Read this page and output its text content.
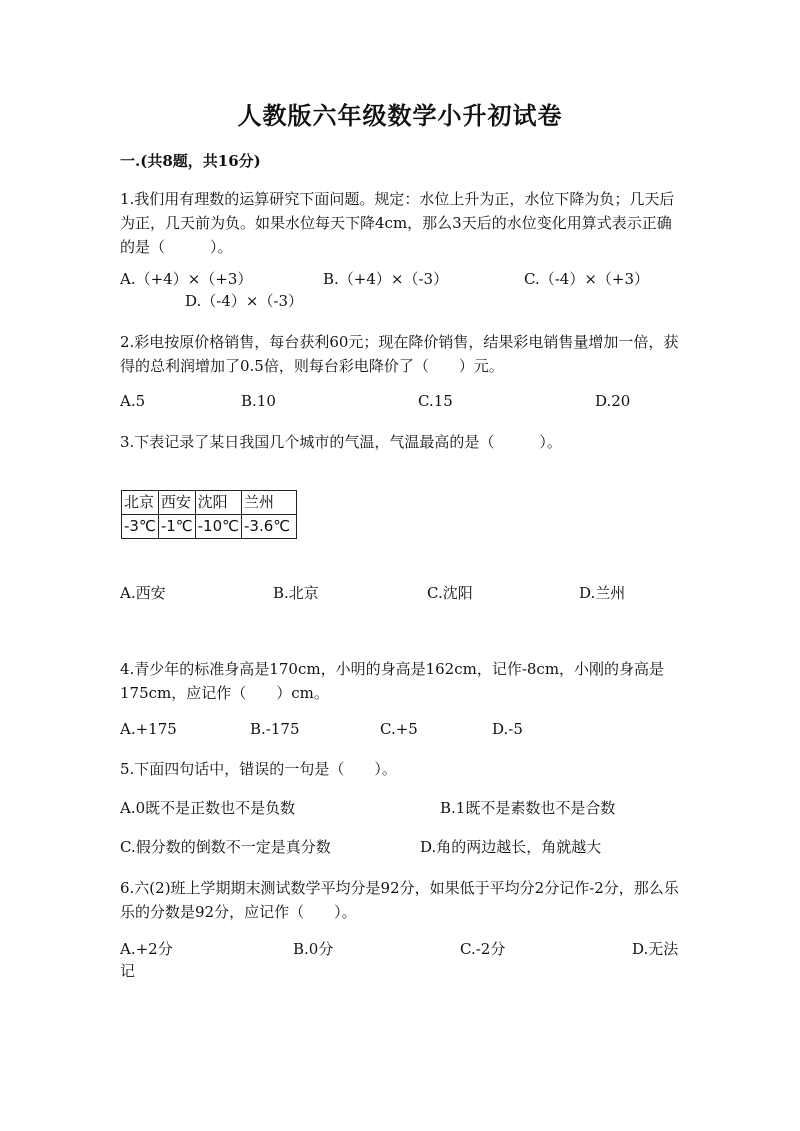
人教版六年级数学小升初试卷
一.(共8题，共16分)
1.我们用有理数的运算研究下面问题。规定：水位上升为正，水位下降为负；几天后为正，几天前为负。如果水位每天下降4cm，那么3天后的水位变化用算式表示正确的是（　　　）。
A.（+4）×（+3）	B.（+4）×（-3）	C.（-4）×（+3）
D.（-4）×（-3）
2.彩电按原价格销售，每台获利60元；现在降价销售，结果彩电销售量增加一倍，获得的总利润增加了0.5倍，则每台彩电降价了（　　）元。
A.5	B.10	C.15	D.20
3.下表记录了某日我国几个城市的气温，气温最高的是（　　　）。
北京	西安	沈阳	兰州
-3℃	-1℃	-10℃	-3.6℃
A.西安	B.北京	C.沈阳	D.兰州
4.青少年的标准身高是170cm，小明的身高是162cm，记作-8cm，小刚的身高是175cm，应记作（　　）cm。
A.+175	B.-175	C.+5	D.-5
5.下面四句话中，错误的一句是（　　）。
A.0既不是正数也不是负数	B.1既不是素数也不是合数
C.假分数的倒数不一定是真分数	D.角的两边越长，角就越大
6.六(2)班上学期期末测试数学平均分是92分，如果低于平均分2分记作-2分，那么乐乐的分数是92分，应记作（　　）。
A.+2分	B.0分	C.-2分	D.无法记
